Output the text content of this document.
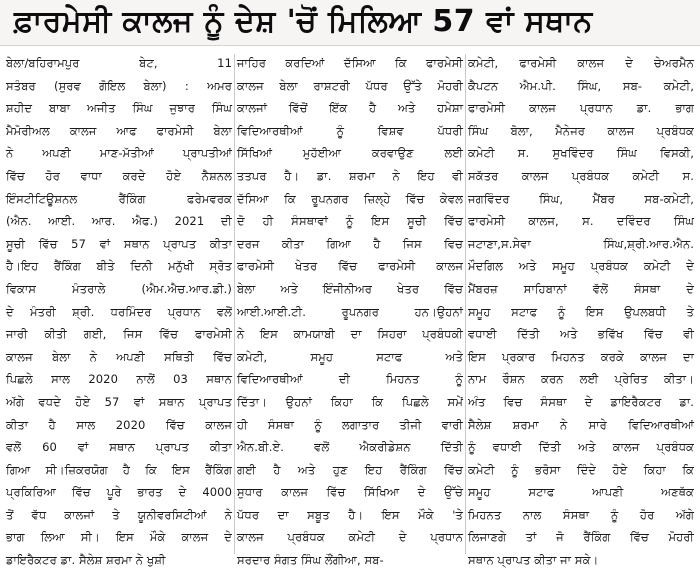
ਫ਼ਾਰਮੇਸੀ ਕਾਲਜ ਨੂੰ ਦੇਸ਼ 'ਚੋਂ ਮਿਲਿਆ 57 ਵਾਂ ਸਥਾਨ
ਬੇਲਾ/ਬਹਿਰਾਮਪੁਰ ਬੇਟ, 11
ਸਤੰਬਰ (ਸੁਰਵ ਗੋਇਲ ਬੇਲਾ) : ਅਮਰ
ਸ਼ਹੀਦ ਬਾਬਾ ਅਜੀਤ ਸਿੰਘ ਜੁਝਾਰ ਸਿੰਘ
ਮੈਮੋਰੀਅਲ ਕਾਲਜ ਆਫ ਫਾਰਮੇਸੀ ਬੇਲਾ
ਨੇ ਅਪਣੀ ਮਾਣ-ਮੱਤੀਆਂ ਪ੍ਰਾਪਤੀਆਂ
ਵਿੱਚ ਹੋਰ ਵਾਧਾ ਕਰਦੇ ਹੋਏ ਨੈਸ਼ਨਲ
ਇੰਸਟੀਟਿਊਸ਼ਨਲ ਰੈਂਕਿੰਗ ਫਰੇਮਵਰਕ
(ਐਨ. ਆਈ. ਆਰ. ਐਫ.) 2021 ਦੀ
ਸੂਚੀ ਵਿੱਚ 57 ਵਾਂ ਸਥਾਨ ਪ੍ਰਾਪਤ ਕੀਤਾ
ਹੈ।ਇਹ ਰੈਂਕਿੰਗ ਬੀਤੇ ਦਿਨੀ ਮਨੁੱਖੀ ਸ੍ਰੋਤ
ਵਿਕਾਸ ਮੰਤਰਾਲੇ (ਐਮ.ਐਚ.ਆਰ.ਡੀ.)
ਦੇ ਮੰਤਰੀ ਸ਼੍ਰੀ. ਧਰਮਿੰਦਰ ਪ੍ਰਧਾਨ ਵਲੋਂ
ਜਾਰੀ ਕੀਤੀ ਗਈ, ਜਿਸ ਵਿੱਚ ਫਾਰਮੇਸੀ
ਕਾਲਜ ਬੇਲਾ ਨੇ ਅਪਣੀ ਸਥਿਤੀ ਵਿੱਚ
ਪਿਛਲੇ ਸਾਲ 2020 ਨਾਲੋਂ 03 ਸਥਾਨ
ਅੱਗੇ ਵਧਦੇ ਹੋਏ 57 ਵਾਂ ਸਥਾਨ ਪ੍ਰਾਪਤ
ਕੀਤਾ ਹੈ ਸਾਲ 2020 ਵਿੱਚ ਕਾਲਜ
ਵਲੋਂ 60 ਵਾਂ ਸਥਾਨ ਪ੍ਰਾਪਤ ਕੀਤਾ
ਗਿਆ ਸੀ।ਜ਼ਿਕਰਯੋਗ ਹੈ ਕਿ ਇਸ ਰੈਂਕਿੰਗ
ਪ੍ਰਕਿਰਿਆ ਵਿੱਚ ਪੂਰੇ ਭਾਰਤ ਦੇ 4000
ਤੋਂ ਵੱਧ ਕਾਲਜਾਂ ਤੇ ਯੂਨੀਵਰਸਿਟੀਆਂ ਨੇ
ਭਾਗ ਲਿਆ ਸੀ। ਇਸ ਮੌਕੇ ਕਾਲਜ ਦੇ
ਡਾਇਰੈਕਟਰ ਡਾ. ਸੈਲੇਸ਼ ਸ਼ਰਮਾ ਨੇ ਖੁਸ਼ੀ
ਜਾਹਿਰ ਕਰਦਿਆਂ ਦੱਸਿਆ ਕਿ ਫਾਰਮੇਸੀ
ਕਾਲਜ ਬੇਲਾ ਰਾਸ਼ਟਰੀ ਪੱਧਰ ਉੱਤੇ ਮੋਹਰੀ
ਕਾਲਜਾਂ ਵਿੱਚੋਂ ਇੱਕ ਹੈ ਅਤੇ ਹਮੇਸ਼ਾ
ਵਿਦਿਆਰਥੀਆਂ ਨੂੰ ਵਿਸ਼ਵ ਪੱਧਰੀ
ਸਿੱਖਿਆਂ ਮੁਹੱਈਆ ਕਰਵਾਉਣ ਲਈ
ਤਤਪਰ ਹੈ। ਡਾ. ਸ਼ਰਮਾ ਨੇ ਇਹ ਵੀ
ਦੱਸਿਆ ਕਿ ਰੂਪਨਗਰ ਜ਼ਿਲ੍ਹੇ ਵਿੱਚ ਕੇਵਲ
ਦੋ ਹੀ ਸੰਸਥਾਵਾਂ ਨੂੰ ਇਸ ਸੂਚੀ ਵਿੱਚ
ਦਰਜ ਕੀਤਾ ਗਿਆ ਹੈ ਜਿਸ ਵਿਚ
ਫਾਰਮੇਸੀ ਖੇਤਰ ਵਿੱਚ ਫਾਰਮੇਸੀ ਕਾਲਜ
ਬੇਲਾ ਅਤੇ ਇੰਜੀਨੀਅਰ ਖੇਤਰ ਵਿੱਚ
ਆਈ.ਆਈ.ਟੀ. ਰੂਪਨਗਰ ਹਨ।ਉਹਨਾਂ
ਨੇ ਇਸ ਕਾਮਯਾਬੀ ਦਾ ਸਿਹਰਾ ਪ੍ਰਬੰਧਕੀ
ਕਮੇਟੀ, ਸਮੂਹ ਸਟਾਫ ਅਤੇ
ਵਿਦਿਆਰਥੀਆਂ ਦੀ ਮਿਹਨਤ ਨੂੰ
ਦਿੱਤਾ। ਉਹਨਾਂ ਕਿਹਾ ਕਿ ਪਿਛਲੇ ਸਮੇਂ
ਹੀ ਸੰਸਥਾ ਨੂੰ ਲਗਾਤਾਰ ਤੀਜੀ ਵਾਰੀ
ਐਨ.ਬੀ.ਏ. ਵਲੋਂ ਐਕਰੀਡੇਸ਼ਨ ਦਿੱਤੀ
ਗਈ ਹੈ ਅਤੇ ਹੁਣ ਇਹ ਰੈਂਕਿੰਗ ਵਿੱਚ
ਸੁਧਾਰ ਕਾਲਜ ਵਿੱਚ ਸਿੱਖਿਆ ਦੇ ਉੱਚੇ
ਪੱਧਰ ਦਾ ਸਬੂਤ ਹੈ। ਇਸ ਮੌਕੇ 'ਤੇ
ਕਾਲਜ ਪ੍ਰਬੰਧਕ ਕਮੇਟੀ ਦੇ ਪ੍ਰਧਾਨ
ਸਰਦਾਰ ਸੰਗਤ ਸਿੰਘ ਲੌਂਗੀਆ, ਸਬ-
ਕਮੇਟੀ, ਫਾਰਮੇਸੀ ਕਾਲਜ ਦੇ ਚੇਅਰਮੈਨ
ਕੈਪਟਨ ਐਮ.ਪੀ. ਸਿੰਘ, ਸਬ- ਕਮੇਟੀ,
ਫਾਰਮੇਸੀ ਕਾਲਜ ਪ੍ਰਧਾਨ ਡਾ. ਭਾਗ
ਸਿੰਘ ਬੋਲਾ, ਮੈਨੇਜਰ ਕਾਲਜ ਪ੍ਰਬੰਧਕ
ਕਮੇਟੀ ਸ. ਸੁਖਵਿੰਦਰ ਸਿੰਘ ਵਿਸਕੀ,
ਸਕੱਤਰ ਕਾਲਜ ਪ੍ਰਬੰਧਕ ਕਮੇਟੀ ਸ.
ਜਗਵਿੰਦਰ ਸਿੰਘ, ਮੈਂਬਰ ਸਬ-ਕਮੇਟੀ,
ਫਾਰਮੇਸੀ ਕਾਲਜ, ਸ. ਦਵਿੰਦਰ ਸਿੰਘ
ਜਟਾਣਾ,ਸ.ਸੇਵਾ ਸਿੰਘ,ਸ਼੍ਰੀ.ਆਰ.ਐਨ.
ਮੌਦਗਿਲ ਅਤੇ ਸਮੂਹ ਪ੍ਰਬੰਧਕ ਕਮੇਟੀ ਦੇ
ਮੈਂਬਰਜ਼ ਸਾਹਿਬਾਨਾਂ ਵੱਲੋਂ ਸੰਸਥਾ ਦੇ
ਸਮੂਹ ਸਟਾਫ ਨੂੰ ਇਸ ਉਪਲਬਧੀ ਤੇ
ਵਧਾਈ ਦਿੱਤੀ ਅਤੇ ਭਵਿੱਖ ਵਿੱਚ ਵੀ
ਇਸ ਪ੍ਰਕਾਰ ਮਿਹਨਤ ਕਰਕੇ ਕਾਲਜ ਦਾ
ਨਾਮ ਰੌਸ਼ਨ ਕਰਨ ਲਈ ਪ੍ਰੇਰਿਤ ਕੀਤਾ।
ਅੰਤ ਵਿਚ ਸੰਸਥਾ ਦੇ ਡਾਇਰੈਕਟਰ ਡਾ.
ਸੈਲੇਸ਼ ਸ਼ਰਮਾ ਨੇ ਸਾਰੇ ਵਿਦਿਆਰਥੀਆਂ
ਨੂੰ ਵਧਾਈ ਦਿੱਤੀ ਅਤੇ ਕਾਲਜ ਪ੍ਰਬੰਧਕ
ਕਮੇਟੀ ਨੂੰ ਭਰੋਸਾ ਦਿੰਦੇ ਹੋਏ ਕਿਹਾ ਕਿ
ਸਮੂਹ ਸਟਾਫ ਆਪਣੀ ਅਣਥੱਕ
ਮਿਹਨਤ ਨਾਲ ਸੰਸਥਾ ਨੂੰ ਹੋਰ ਅੱਗੇ
ਲਿਜਾਣਗੇ ਤਾਂ ਜੋ ਰੈਂਕਿੰਗ ਵਿੱਚ ਮੋਹਰੀ
ਸਥਾਨ ਪ੍ਰਾਪਤ ਕੀਤਾ ਜਾ ਸਕੇ।
